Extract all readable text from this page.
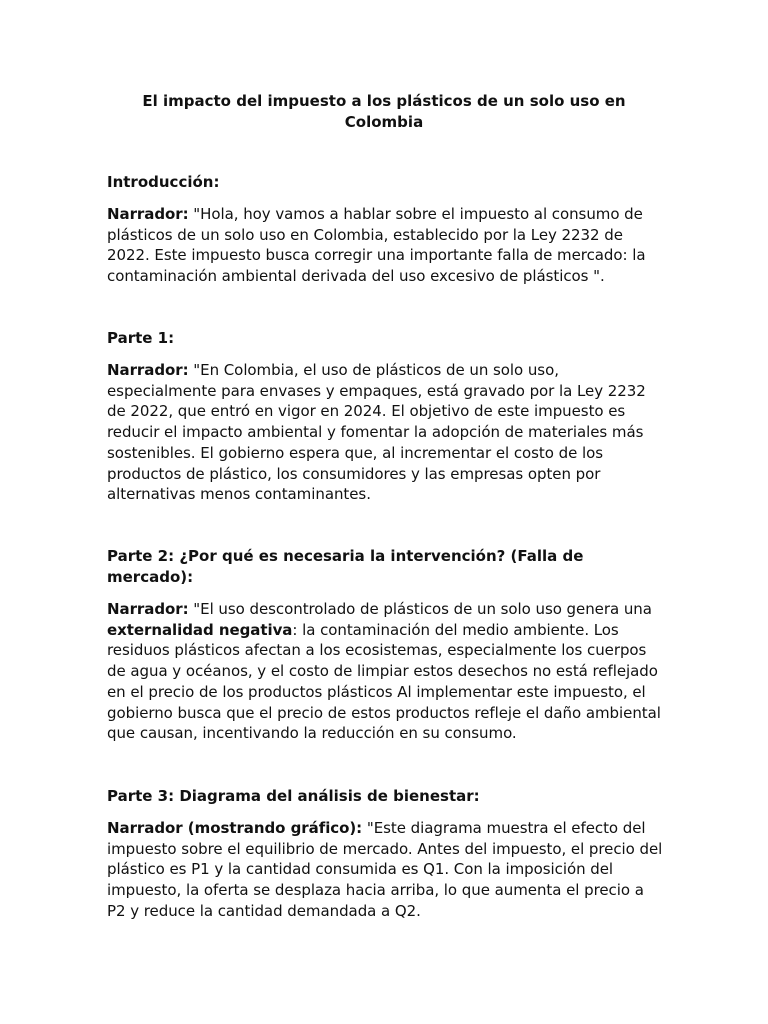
El impacto del impuesto a los plásticos de un solo uso en Colombia

Introducción:

Narrador: "Hola, hoy vamos a hablar sobre el impuesto al consumo de plásticos de un solo uso en Colombia, establecido por la Ley 2232 de 2022. Este impuesto busca corregir una importante falla de mercado: la contaminación ambiental derivada del uso excesivo de plásticos ".

Parte 1:

Narrador: "En Colombia, el uso de plásticos de un solo uso, especialmente para envases y empaques, está gravado por la Ley 2232 de 2022, que entró en vigor en 2024. El objetivo de este impuesto es reducir el impacto ambiental y fomentar la adopción de materiales más sostenibles. El gobierno espera que, al incrementar el costo de los productos de plástico, los consumidores y las empresas opten por alternativas menos contaminantes.

Parte 2: ¿Por qué es necesaria la intervención? (Falla de mercado):

Narrador: "El uso descontrolado de plásticos de un solo uso genera una externalidad negativa: la contaminación del medio ambiente. Los residuos plásticos afectan a los ecosistemas, especialmente los cuerpos de agua y océanos, y el costo de limpiar estos desechos no está reflejado en el precio de los productos plásticos Al implementar este impuesto, el gobierno busca que el precio de estos productos refleje el daño ambiental que causan, incentivando la reducción en su consumo.

Parte 3: Diagrama del análisis de bienestar:

Narrador (mostrando gráfico): "Este diagrama muestra el efecto del impuesto sobre el equilibrio de mercado. Antes del impuesto, el precio del plástico es P1 y la cantidad consumida es Q1. Con la imposición del impuesto, la oferta se desplaza hacia arriba, lo que aumenta el precio a P2 y reduce la cantidad demandada a Q2.
